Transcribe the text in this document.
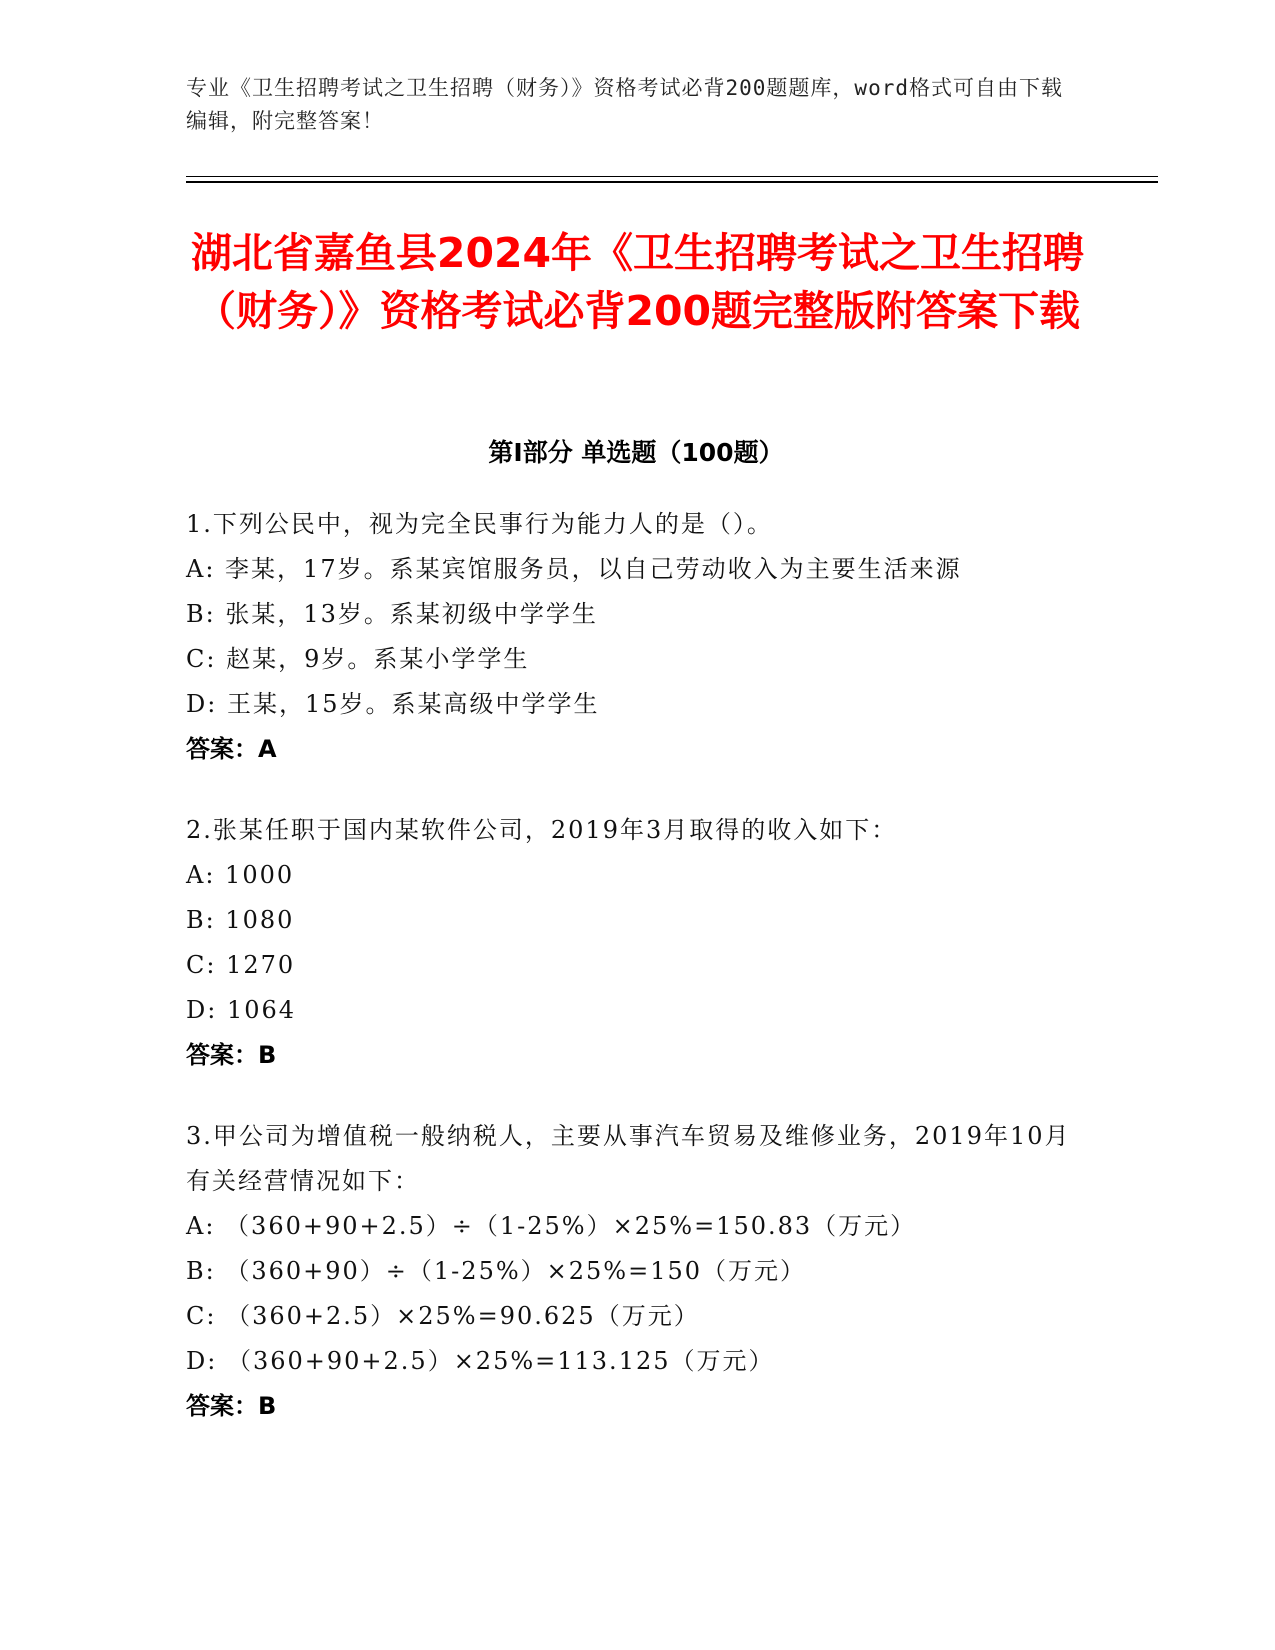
专业《卫生招聘考试之卫生招聘（财务）》资格考试必背200题题库，word格式可自由下载编辑，附完整答案！
湖北省嘉鱼县2024年《卫生招聘考试之卫生招聘（财务）》资格考试必背200题完整版附答案下载
第Ⅰ部分 单选题（100题）

1.下列公民中，视为完全民事行为能力人的是（）。

A: 李某，17岁。系某宾馆服务员，以自己劳动收入为主要生活来源

B: 张某，13岁。系某初级中学学生

C: 赵某，9岁。系某小学学生

D: 王某，15岁。系某高级中学学生

答案：A

2.张某任职于国内某软件公司，2019年3月取得的收入如下：

A: 1000

B: 1080

C: 1270

D: 1064

答案：B

3.甲公司为增值税一般纳税人，主要从事汽车贸易及维修业务，2019年10月有关经营情况如下：

A: （360+90+2.5）÷（1-25%）×25%=150.83（万元）

B: （360+90）÷（1-25%）×25%=150（万元）

C: （360+2.5）×25%=90.625（万元）

D: （360+90+2.5）×25%=113.125（万元）

答案：B
